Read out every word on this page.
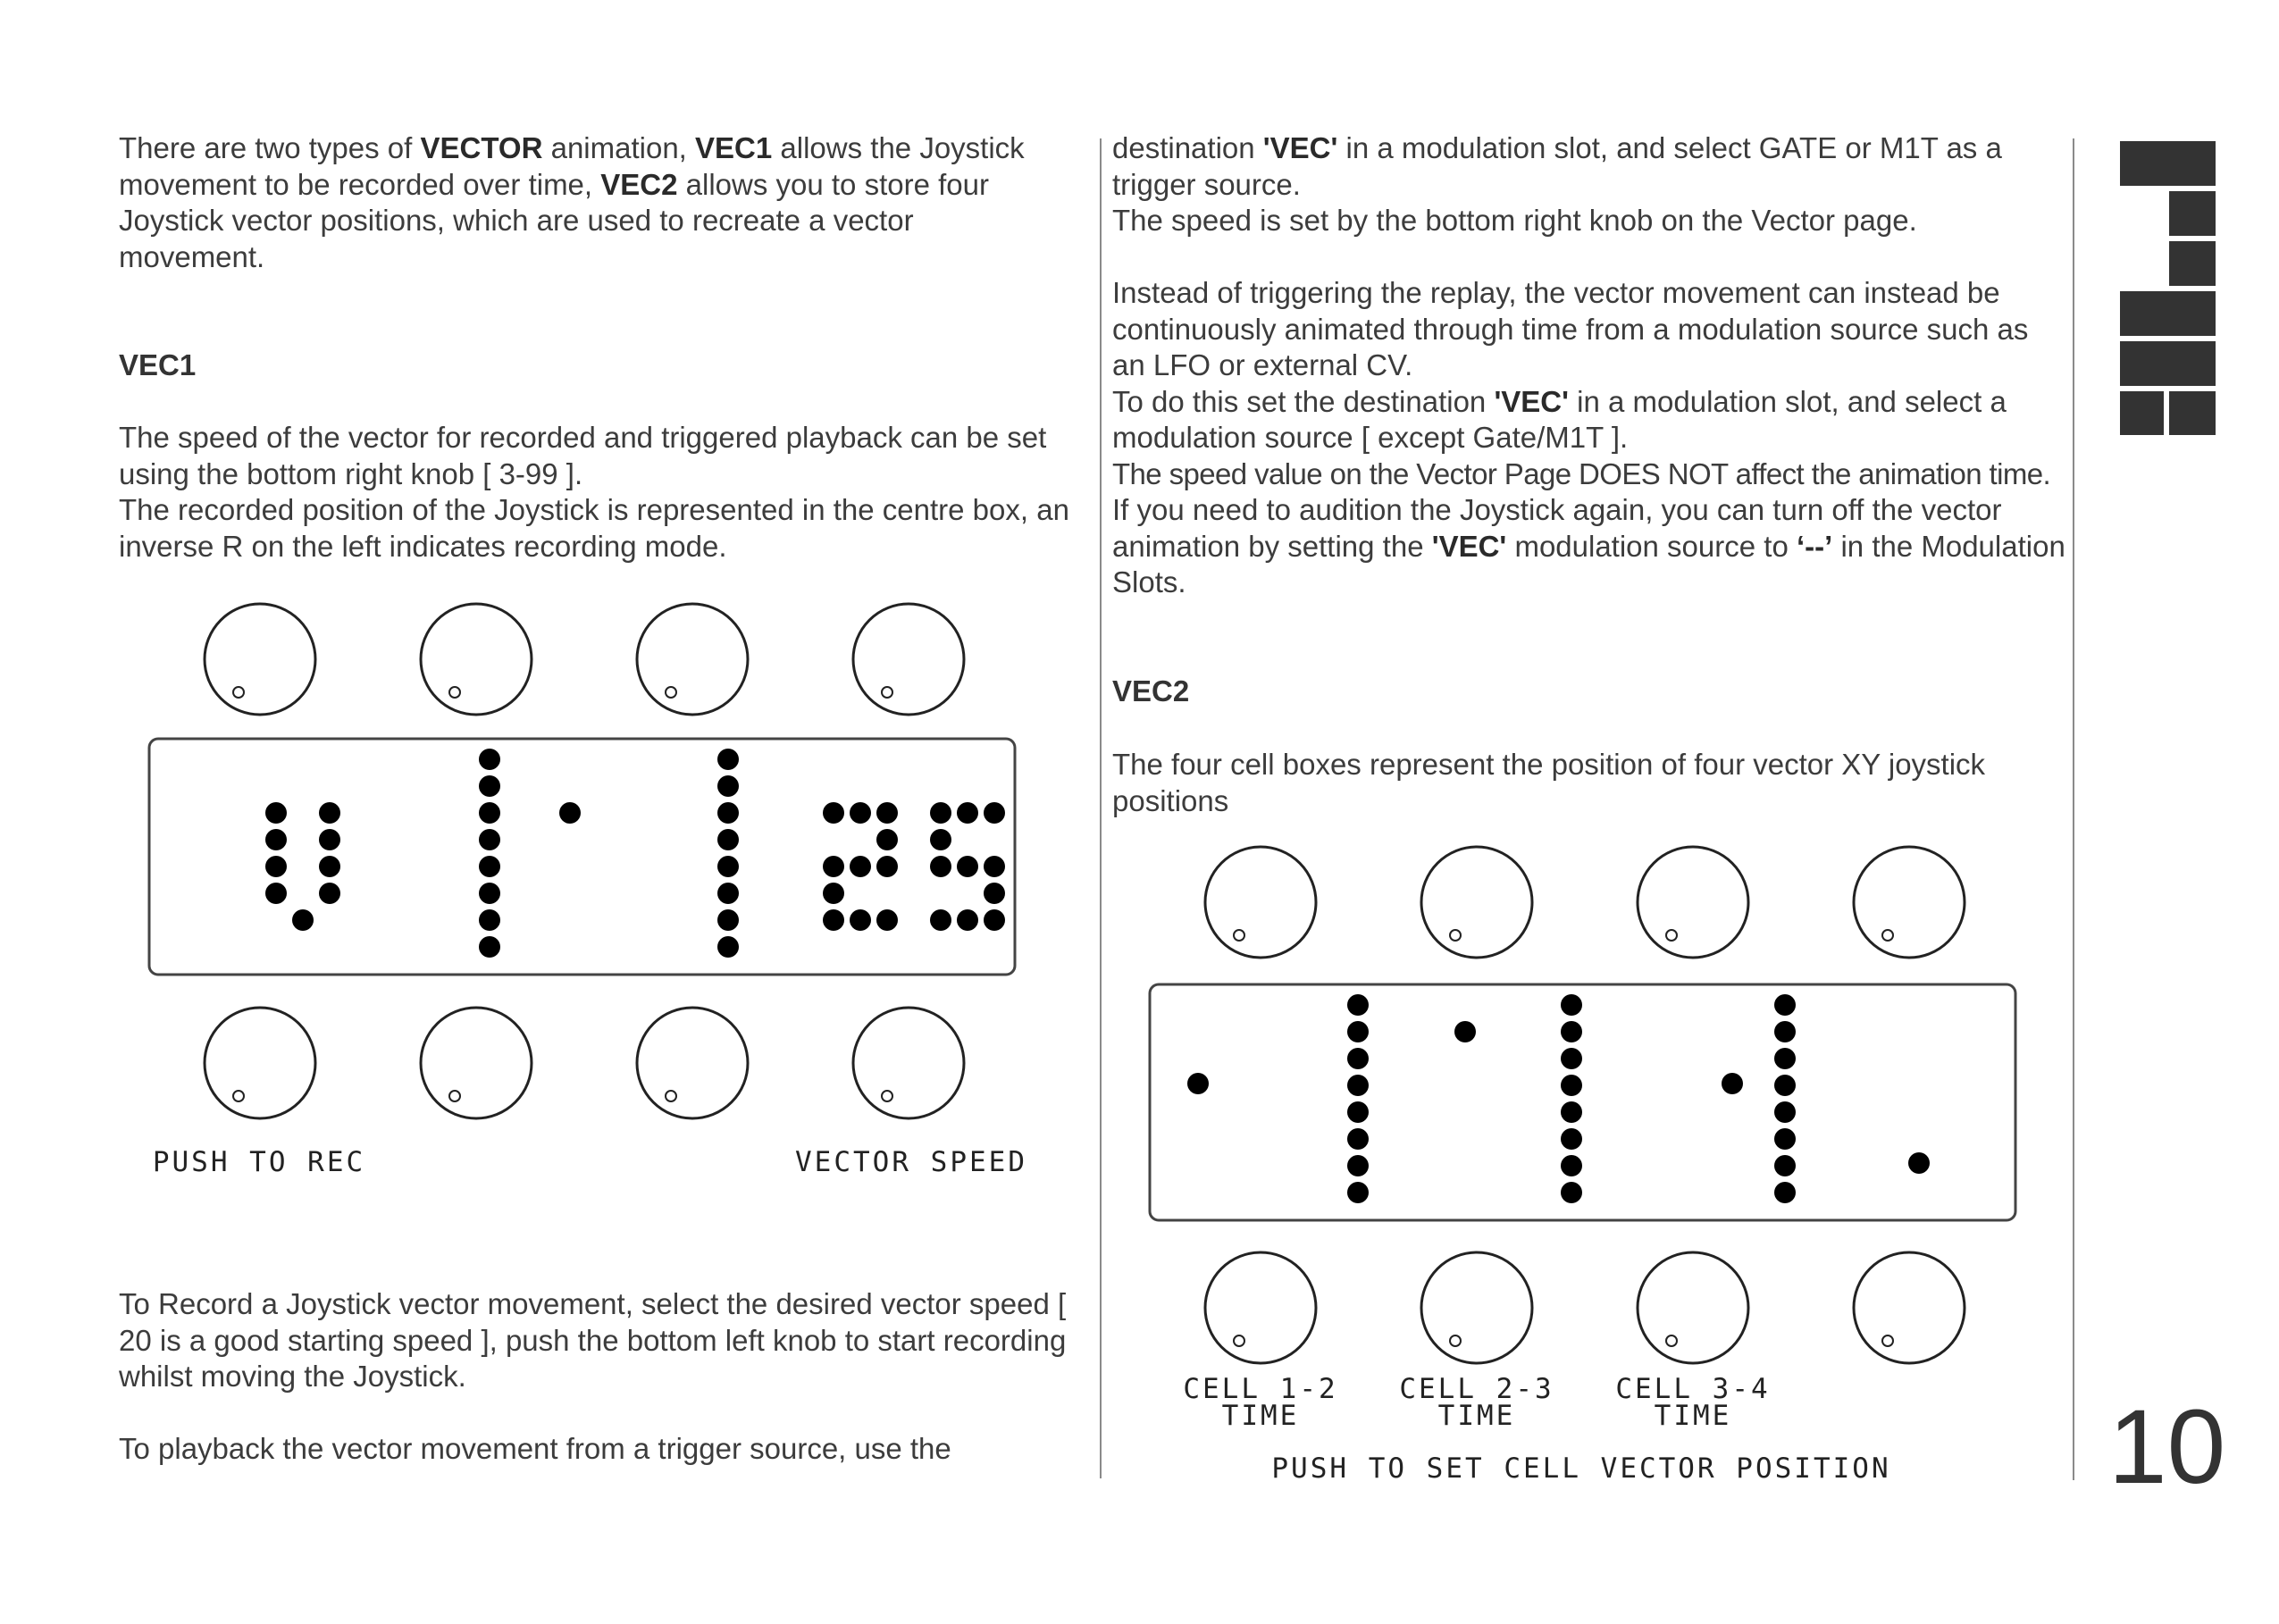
There are two types of VECTOR animation, VEC1 allows the Joystick movement to be recorded over time, VEC2 allows you to store four Joystick vector positions, which are used to recreate a vector movement.

VEC1

The speed of the vector for recorded and triggered playback can be set using the bottom right knob [ 3-99 ].
The recorded position of the Joystick is represented in the centre box, an inverse R on the left indicates recording mode.

PUSH TO REC	VECTOR SPEED

To Record a Joystick vector movement, select the desired vector speed [ 20 is a good starting speed ], push the bottom left knob to start recording whilst moving the Joystick.

To playback the vector movement from a trigger source, use the

destination 'VEC' in a modulation slot, and select GATE or M1T as a trigger source.
The speed is set by the bottom right knob on the Vector page.

Instead of triggering the replay, the vector movement can instead be continuously animated through time from a modulation source such as an LFO or external CV.
To do this set the destination 'VEC' in a modulation slot, and select a modulation source [ except Gate/M1T ].
The speed value on the Vector Page DOES NOT affect the animation time.
If you need to audition the Joystick again, you can turn off the vector animation by setting the 'VEC' modulation source to ‘--’ in the Modulation Slots.

VEC2

The four cell boxes represent the position of four vector XY joystick positions

CELL 1-2
TIME
CELL 2-3
TIME
CELL 3-4
TIME
PUSH TO SET CELL VECTOR POSITION 10
